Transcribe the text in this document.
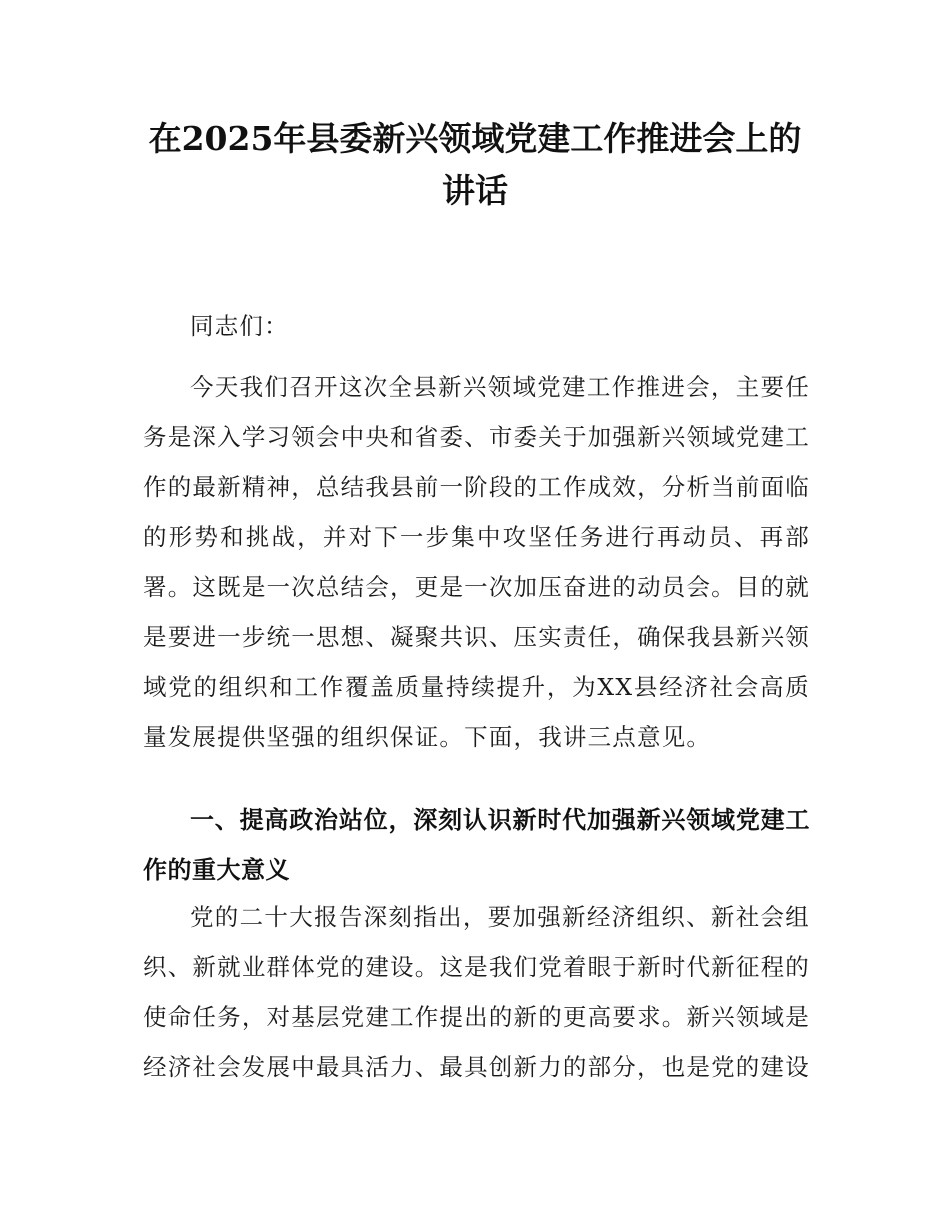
在2025年县委新兴领域党建工作推进会上的
讲话

同志们：

今天我们召开这次全县新兴领域党建工作推进会，主要任务是深入学习领会中央和省委、市委关于加强新兴领域党建工作的最新精神，总结我县前一阶段的工作成效，分析当前面临的形势和挑战，并对下一步集中攻坚任务进行再动员、再部署。这既是一次总结会，更是一次加压奋进的动员会。目的就是要进一步统一思想、凝聚共识、压实责任，确保我县新兴领域党的组织和工作覆盖质量持续提升，为XX县经济社会高质量发展提供坚强的组织保证。下面，我讲三点意见。

一、提高政治站位，深刻认识新时代加强新兴领域党建工作的重大意义

党的二十大报告深刻指出，要加强新经济组织、新社会组织、新就业群体党的建设。这是我们党着眼于新时代新征程的使命任务，对基层党建工作提出的新的更高要求。新兴领域是经济社会发展中最具活力、最具创新力的部分，也是党的建设
